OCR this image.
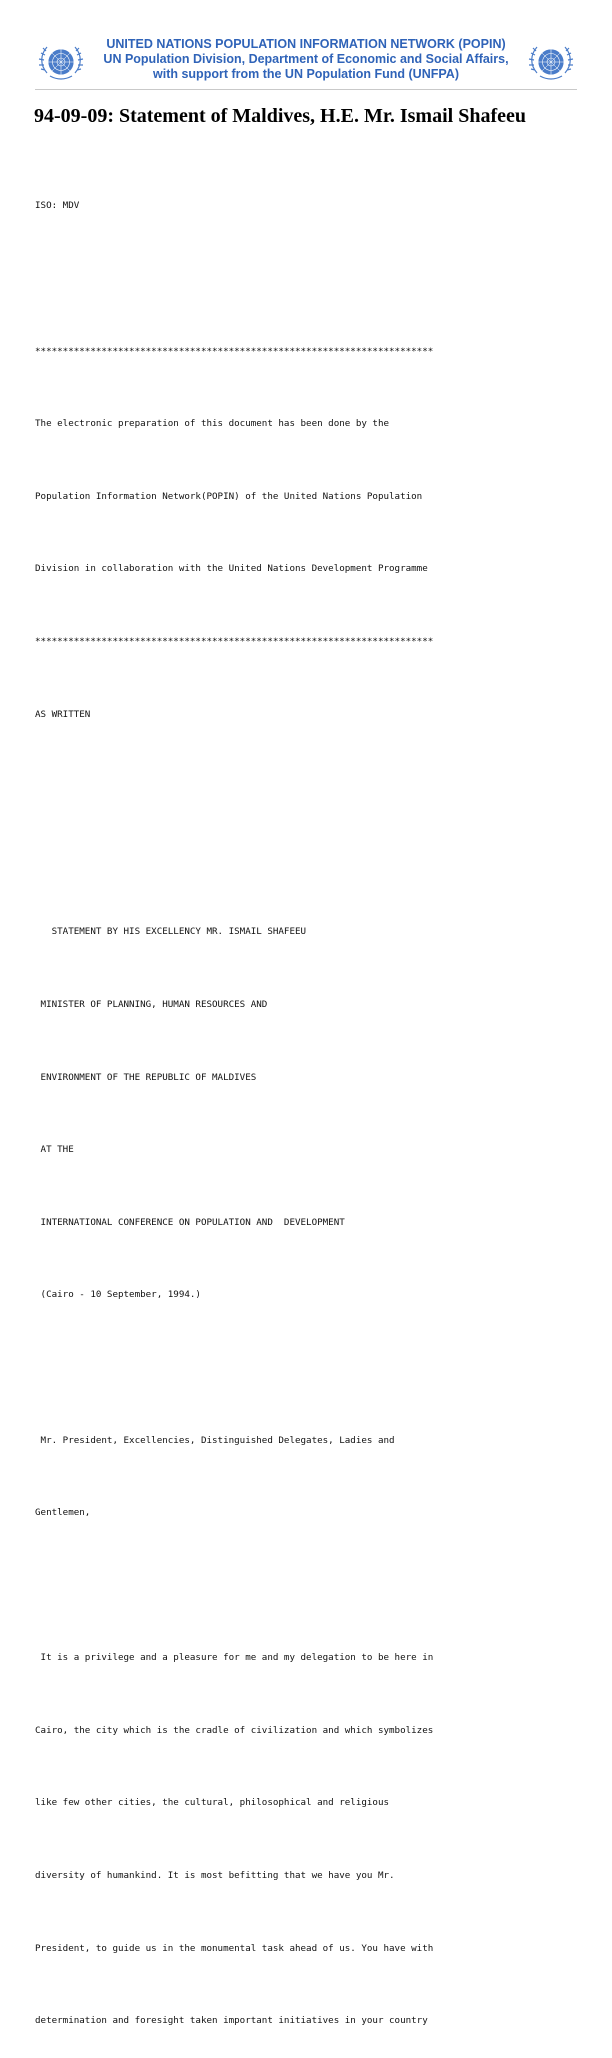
UNITED NATIONS POPULATION INFORMATION NETWORK (POPIN)
UN Population Division, Department of Economic and Social Affairs,
with support from the UN Population Fund (UNFPA)
94-09-09: Statement of Maldives, H.E. Mr. Ismail Shafeeu

ISO: MDV

************************************************************************

The electronic preparation of this document has been done by the

Population Information Network(POPIN) of the United Nations Population

Division in collaboration with the United Nations Development Programme

************************************************************************

AS WRITTEN

STATEMENT BY HIS EXCELLENCY MR. ISMAIL SHAFEEU

MINISTER OF PLANNING, HUMAN RESOURCES AND

ENVIRONMENT OF THE REPUBLIC OF MALDIVES

AT THE

INTERNATIONAL CONFERENCE ON POPULATION AND  DEVELOPMENT

(Cairo - 10 September, 1994.)

Mr. President, Excellencies, Distinguished Delegates, Ladies and

Gentlemen,

It is a privilege and a pleasure for me and my delegation to be here in

Cairo, the city which is the cradle of civilization and which symbolizes

like few other cities, the cultural, philosophical and religious

diversity of humankind. It is most befitting that we have you Mr.

President, to guide us in the monumental task ahead of us. You have with

determination and foresight taken important initiatives in your country
